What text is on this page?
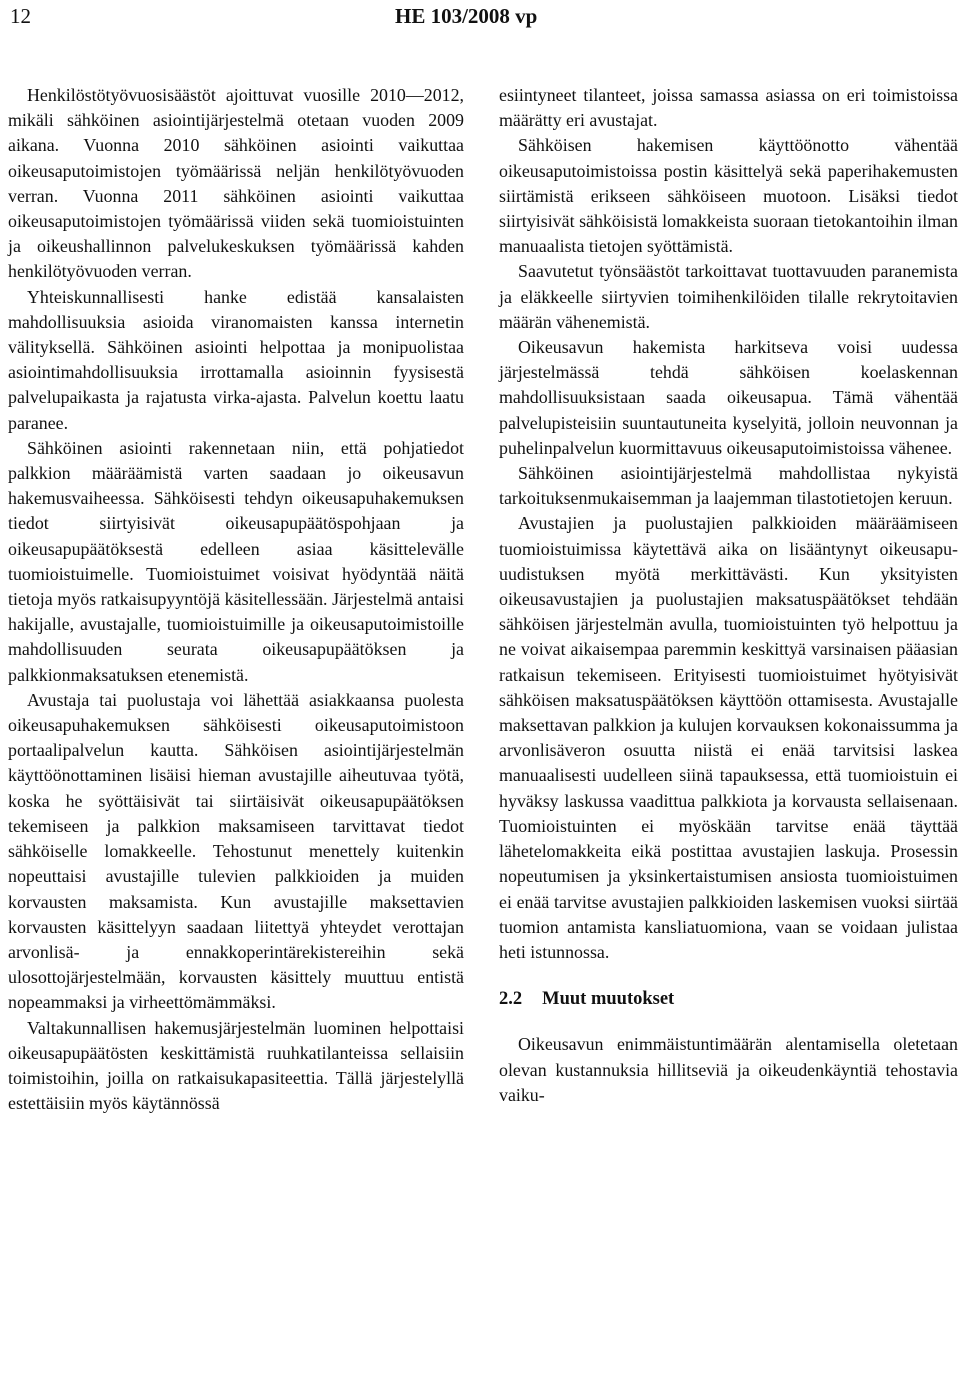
12	HE 103/2008 vp

Henkilöstötyövuosisäästöt ajoittuvat vuosille 2010—2012, mikäli sähköinen asiointijärjestelmä otetaan vuoden 2009 aikana. Vuonna 2010 sähköinen asiointi vaikuttaa oikeusaputoimistojen työmäärissä neljän henkilötyövuoden verran. Vuonna 2011 sähköinen asiointi vaikuttaa oikeusaputoimistojen työmäärissä viiden sekä tuomioistuinten ja oikeushallinnon palvelukeskuksen työmäärissä kahden henkilötyövuoden verran.

Yhteiskunnallisesti hanke edistää kansalaisten mahdollisuuksia asioida viranomaisten kanssa internetin välityksellä. Sähköinen asiointi helpottaa ja monipuolistaa asiointimahdollisuuksia irrottamalla asioinnin fyysisestä palvelupaikasta ja rajatusta virka-ajasta. Palvelun koettu laatu paranee.

Sähköinen asiointi rakennetaan niin, että pohjatiedot palkkion määräämistä varten saadaan jo oikeusavun hakemusvaiheessa. Sähköisesti tehdyn oikeusapuhakemuksen tiedot siirtyisivät oikeusapupäätöspohjaan ja oikeusapupäätöksestä edelleen asiaa käsittelevälle tuomioistuimelle. Tuomioistuimet voisivat hyödyntää näitä tietoja myös ratkaisupyyntöjä käsitellessään. Järjestelmä antaisi hakijalle, avustajalle, tuomioistuimille ja oikeusaputoimistoille mahdollisuuden seurata oikeusapupäätöksen ja palkkionmaksatuksen etenemistä.

Avustaja tai puolustaja voi lähettää asiakkaansa puolesta oikeusapuhakemuksen sähköisesti oikeusaputoimistoon portaalipalvelun kautta. Sähköisen asiointijärjestelmän käyttöönottaminen lisäisi hieman avustajille aiheutuvaa työtä, koska he syöttäisivät tai siirtäisivät oikeusapupäätöksen tekemiseen ja palkkion maksamiseen tarvittavat tiedot sähköiselle lomakkeelle. Tehostunut menettely kuitenkin nopeuttaisi avustajille tulevien palkkioiden ja muiden korvausten maksamista. Kun avustajille maksettavien korvausten käsittelyyn saadaan liitettyä yhteydet verottajan arvonlisä- ja ennakkoperintärekistereihin sekä ulosottojärjestelmään, korvausten käsittely muuttuu entistä nopeammaksi ja virheettömämmäksi.

Valtakunnallisen hakemusjärjestelmän luominen helpottaisi oikeusapupäätösten keskittämistä ruuhkatilanteissa sellaisiin toimistoihin, joilla on ratkaisukapasiteettia. Tällä järjestelyllä estettäisiin myös käytännössä

esiintyneet tilanteet, joissa samassa asiassa on eri toimistoissa määrätty eri avustajat.

Sähköisen hakemisen käyttöönotto vähentää oikeusaputoimistoissa postin käsittelyä sekä paperihakemusten siirtämistä erikseen sähköiseen muotoon. Lisäksi tiedot siirtyisivät sähköisistä lomakkeista suoraan tietokantoihin ilman manuaalista tietojen syöttämistä.

Saavutetut työnsäästöt tarkoittavat tuottavuuden paranemista ja eläkkeelle siirtyvien toimihenkilöiden tilalle rekrytoitavien määrän vähenemistä.

Oikeusavun hakemista harkitseva voisi uudessa järjestelmässä tehdä sähköisen koelaskennan mahdollisuuksistaan saada oikeusapua. Tämä vähentää palvelupisteisiin suuntautuneita kyselyitä, jolloin neuvonnan ja puhelinpalvelun kuormittavuus oikeusaputoimistoissa vähenee.

Sähköinen asiointijärjestelmä mahdollistaa nykyistä tarkoituksenmukaisemman ja laajemman tilastotietojen keruun.

Avustajien ja puolustajien palkkioiden määräämiseen tuomioistuimissa käytettävä aika on lisääntynyt oikeusapu-uudistuksen myötä merkittävästi. Kun yksityisten oikeusavustajien ja puolustajien maksatuspäätökset tehdään sähköisen järjestelmän avulla, tuomioistuinten työ helpottuu ja ne voivat aikaisempaa paremmin keskittyä varsinaisen pääasian ratkaisun tekemiseen. Erityisesti tuomioistuimet hyötyisivät sähköisen maksatuspäätöksen käyttöön ottamisesta. Avustajalle maksettavan palkkion ja kulujen korvauksen kokonaissumma ja arvonlisäveron osuutta niistä ei enää tarvitsisi laskea manuaalisesti uudelleen siinä tapauksessa, että tuomioistuin ei hyväksy laskussa vaadittua palkkiota ja korvausta sellaisenaan. Tuomioistuinten ei myöskään tarvitse enää täyttää lähetelomakkeita eikä postittaa avustajien laskuja. Prosessin nopeutumisen ja yksinkertaistumisen ansiosta tuomioistuimen ei enää tarvitse avustajien palkkioiden laskemisen vuoksi siirtää tuomion antamista kansliatuomiona, vaan se voidaan julistaa heti istunnossa.

2.2 Muut muutokset

Oikeusavun enimmäistuntimäärän alentamisella oletetaan olevan kustannuksia hillitseviä ja oikeudenkäyntiä tehostavia vaiku-
